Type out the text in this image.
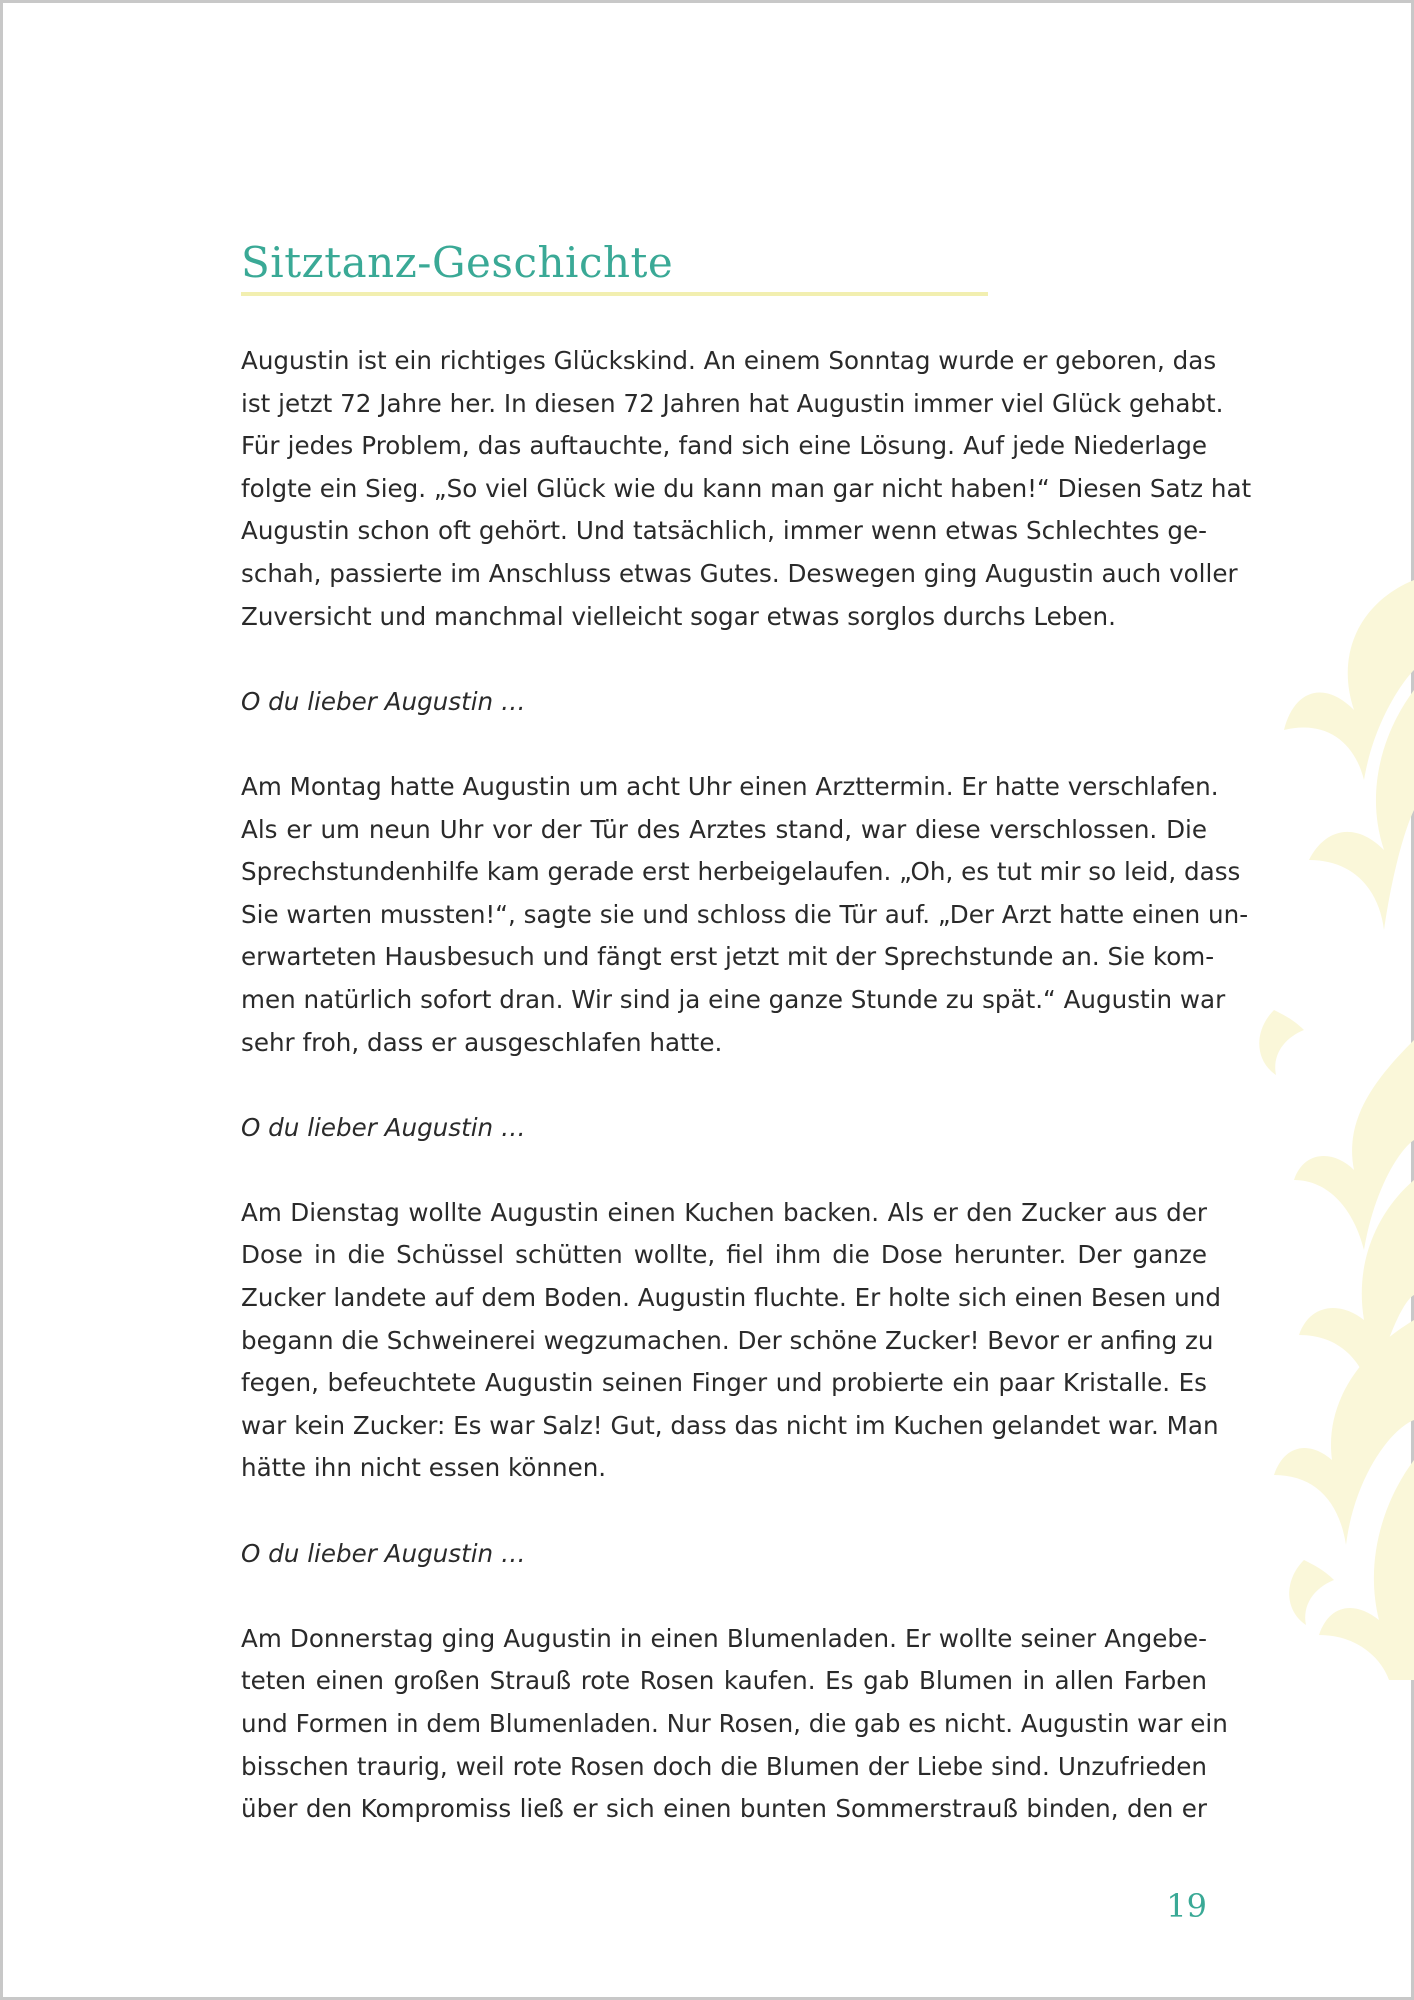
Sitztanz-Geschichte

Augustin ist ein richtiges Glückskind. An einem Sonntag wurde er geboren, das
ist jetzt 72 Jahre her. In diesen 72 Jahren hat Augustin immer viel Glück gehabt.
Für jedes Problem, das auftauchte, fand sich eine Lösung. Auf jede Niederlage
folgte ein Sieg. „So viel Glück wie du kann man gar nicht haben!“ Diesen Satz hat
Augustin schon oft gehört. Und tatsächlich, immer wenn etwas Schlechtes ge-
schah, passierte im Anschluss etwas Gutes. Deswegen ging Augustin auch voller
Zuversicht und manchmal vielleicht sogar etwas sorglos durchs Leben.

O du lieber Augustin …

Am Montag hatte Augustin um acht Uhr einen Arzttermin. Er hatte verschlafen.
Als er um neun Uhr vor der Tür des Arztes stand, war diese verschlossen. Die
Sprechstundenhilfe kam gerade erst herbeigelaufen. „Oh, es tut mir so leid, dass
Sie warten mussten!“, sagte sie und schloss die Tür auf. „Der Arzt hatte einen un-
erwarteten Hausbesuch und fängt erst jetzt mit der Sprechstunde an. Sie kom-
men natürlich sofort dran. Wir sind ja eine ganze Stunde zu spät.“ Augustin war
sehr froh, dass er ausgeschlafen hatte.

O du lieber Augustin …

Am Dienstag wollte Augustin einen Kuchen backen. Als er den Zucker aus der
Dose in die Schüssel schütten wollte, fiel ihm die Dose herunter. Der ganze
Zucker landete auf dem Boden. Augustin fluchte. Er holte sich einen Besen und
begann die Schweinerei wegzumachen. Der schöne Zucker! Bevor er anfing zu
fegen, befeuchtete Augustin seinen Finger und probierte ein paar Kristalle. Es
war kein Zucker: Es war Salz! Gut, dass das nicht im Kuchen gelandet war. Man
hätte ihn nicht essen können.

O du lieber Augustin …

Am Donnerstag ging Augustin in einen Blumenladen. Er wollte seiner Angebe-
teten einen großen Strauß rote Rosen kaufen. Es gab Blumen in allen Farben
und Formen in dem Blumenladen. Nur Rosen, die gab es nicht. Augustin war ein
bisschen traurig, weil rote Rosen doch die Blumen der Liebe sind. Unzufrieden
über den Kompromiss ließ er sich einen bunten Sommerstrauß binden, den er

19
